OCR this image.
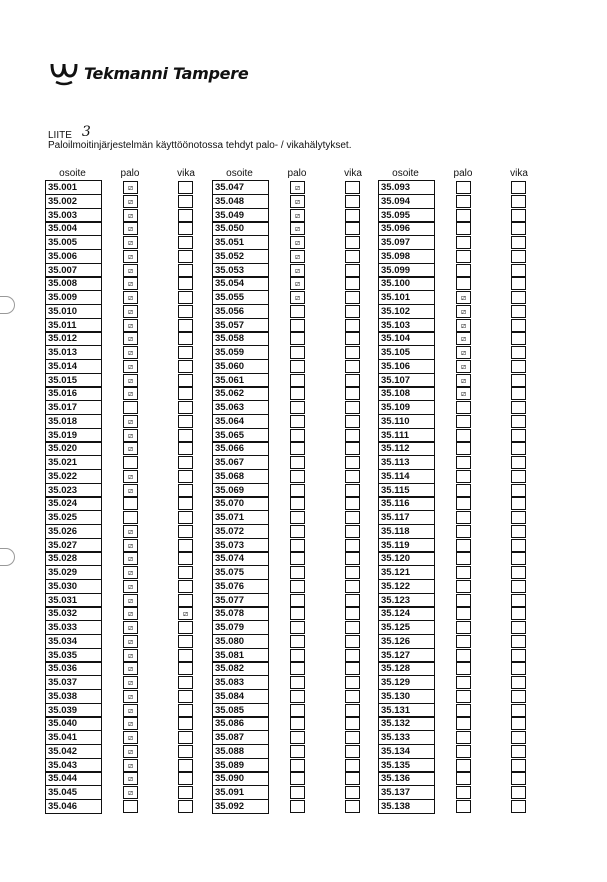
Tekmanni Tampere
LIITE 3
Paloilmoitinjärjestelmän käyttöönotossa tehdyt palo- / vikahälytykset.
osoite	palo	vika
35.001	⧄
35.002	⧄
35.003	⧄
35.004	⧄
35.005	⧄
35.006	⧄
35.007	⧄
35.008	⧄
35.009	⧄
35.010	⧄
35.011	⧄
35.012	⧄
35.013	⧄
35.014	⧄
35.015	⧄
35.016	⧄
35.017
35.018	⧄
35.019	⧄
35.020	⧄
35.021
35.022	⧄
35.023	⧄
35.024
35.025
35.026	⧄
35.027	⧄
35.028	⧄
35.029	⧄
35.030	⧄
35.031	⧄
35.032	⧄	⧄
35.033	⧄
35.034	⧄
35.035	⧄
35.036	⧄
35.037	⧄
35.038	⧄
35.039	⧄
35.040	⧄
35.041	⧄
35.042	⧄
35.043	⧄
35.044	⧄
35.045	⧄
35.046
osoite	palo	vika
35.047	⧄
35.048	⧄
35.049	⧄
35.050	⧄
35.051	⧄
35.052	⧄
35.053	⧄
35.054	⧄
35.055	⧄
35.056
35.057
35.058
35.059
35.060
35.061
35.062
35.063
35.064
35.065
35.066
35.067
35.068
35.069
35.070
35.071
35.072
35.073
35.074
35.075
35.076
35.077
35.078
35.079
35.080
35.081
35.082
35.083
35.084
35.085
35.086
35.087
35.088
35.089
35.090
35.091
35.092
osoite	palo	vika
35.093
35.094
35.095
35.096
35.097
35.098
35.099
35.100
35.101	⧄
35.102	⧄
35.103	⧄
35.104	⧄
35.105	⧄
35.106	⧄
35.107	⧄
35.108	⧄
35.109
35.110
35.111
35.112
35.113
35.114
35.115
35.116
35.117
35.118
35.119
35.120
35.121
35.122
35.123
35.124
35.125
35.126
35.127
35.128
35.129
35.130
35.131
35.132
35.133
35.134
35.135
35.136
35.137
35.138
